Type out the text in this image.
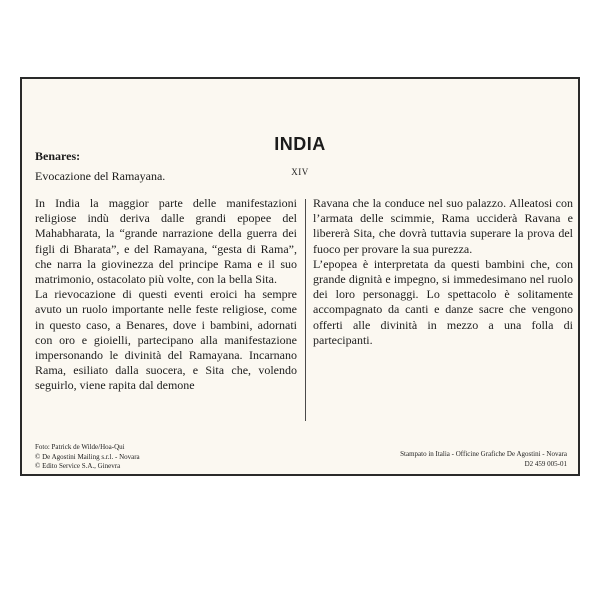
INDIA
XIV
Benares:
Evocazione del Ramayana.

In India la maggior parte delle manifestazioni religiose indù deriva dalle grandi epopee del Mahabharata, la “grande narrazione della guerra dei figli di Bharata”, e del Ramayana, “gesta di Rama”, che narra la giovinezza del principe Rama e il suo matrimonio, ostacolato più volte, con la bella Sita.

La rievocazione di questi eventi eroici ha sempre avuto un ruolo importante nelle feste religiose, come in questo caso, a Benares, dove i bambini, adornati con oro e gioielli, partecipano alla manifestazione impersonando le divinità del Ramayana. Incarnano Rama, esiliato dalla suocera, e Sita che, volendo seguirlo, viene rapita dal demone

Ravana che la conduce nel suo palazzo. Alleatosi con l’armata delle scimmie, Rama ucciderà Ravana e libererà Sita, che dovrà tuttavia superare la prova del fuoco per provare la sua purezza.

L’epopea è interpretata da questi bambini che, con grande dignità e impegno, si immedesimano nel ruolo dei loro personaggi. Lo spettacolo è solitamente accompagnato da canti e danze sacre che vengono offerti alle divinità in mezzo a una folla di partecipanti.

Foto: Patrick de Wilde/Hoa-Qui
© De Agostini Mailing s.r.l. - Novara
© Edito Service S.A., Ginevra
Stampato in Italia - Officine Grafiche De Agostini - Novara
D2 459 005-01
